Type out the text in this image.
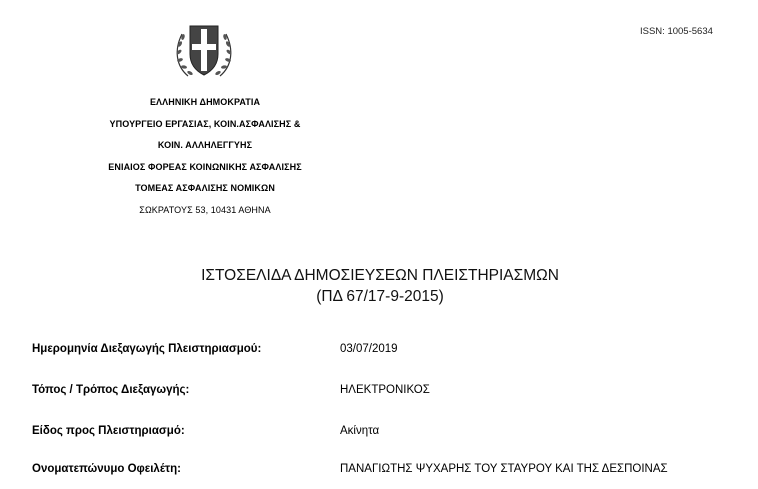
ISSN: 1005-5634
ΕΛΛΗΝΙΚΗ ΔΗΜΟΚΡΑΤΙΑ
ΥΠΟΥΡΓΕΙΟ ΕΡΓΑΣΙΑΣ, ΚΟΙΝ.ΑΣΦΑΛΙΣΗΣ &
ΚΟΙΝ. ΑΛΛΗΛΕΓΓΥΗΣ
ΕΝΙΑΙΟΣ ΦΟΡΕΑΣ ΚΟΙΝΩΝΙΚΗΣ ΑΣΦΑΛΙΣΗΣ
ΤΟΜΕΑΣ ΑΣΦΑΛΙΣΗΣ ΝΟΜΙΚΩΝ
ΣΩΚΡΑΤΟΥΣ 53, 10431 ΑΘΗΝΑ
ΙΣΤΟΣΕΛΙΔΑ ΔΗΜΟΣΙΕΥΣΕΩΝ ΠΛΕΙΣΤΗΡΙΑΣΜΩΝ
(ΠΔ 67/17-9-2015)
Ημερομηνία Διεξαγωγής Πλειστηριασμού:	03/07/2019
Τόπος / Τρόπος Διεξαγωγής:	ΗΛΕΚΤΡΟΝΙΚΟΣ
Είδος προς Πλειστηριασμό:	Ακίνητα
Ονοματεπώνυμο Οφειλέτη:	ΠΑΝΑΓΙΩΤΗΣ ΨΥΧΑΡΗΣ ΤΟΥ ΣΤΑΥΡΟΥ ΚΑΙ ΤΗΣ ΔΕΣΠΟΙΝΑΣ
